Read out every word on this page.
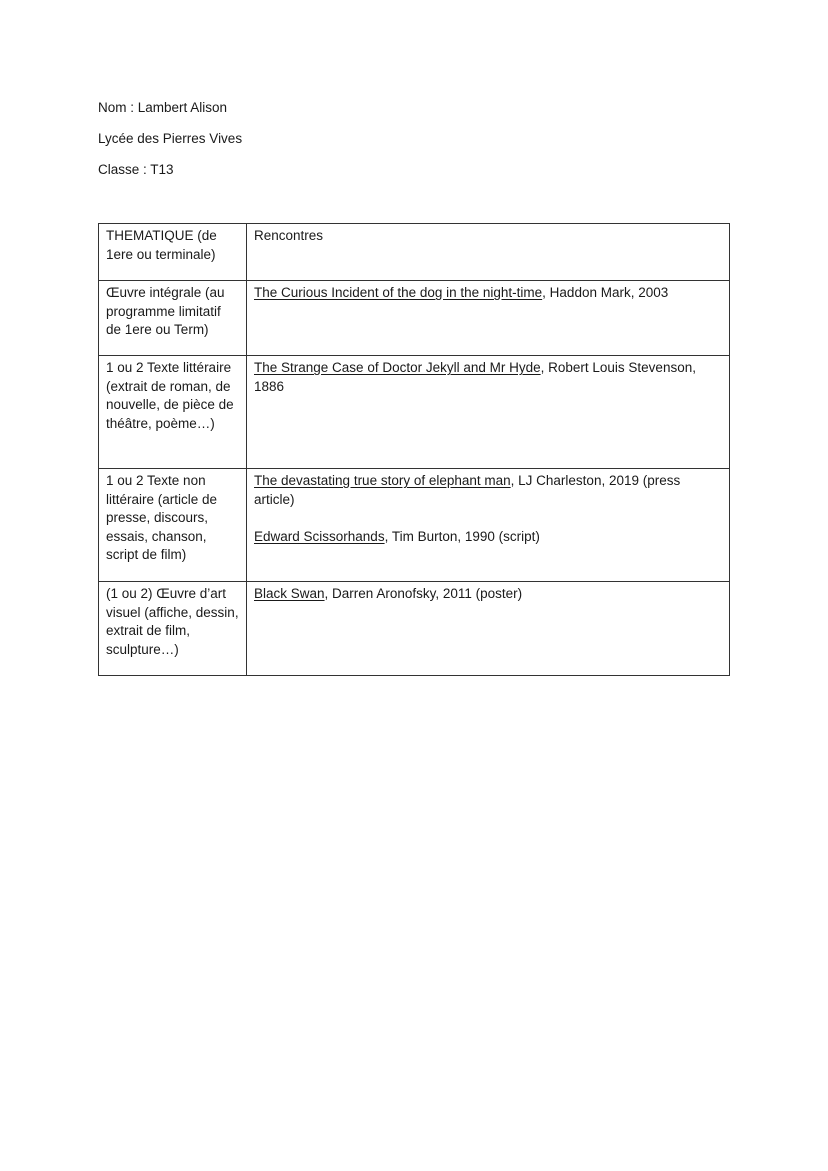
Nom : Lambert Alison
Lycée des Pierres Vives
Classe : T13
THEMATIQUE (de 1ere ou terminale)	Rencontres

Œuvre intégrale (au programme limitatif de 1ere ou Term)	The Curious Incident of the dog in the night-time, Haddon Mark, 2003

1 ou 2 Texte littéraire (extrait de roman, de nouvelle, de pièce de théâtre, poème…)	The Strange Case of Doctor Jekyll and Mr Hyde, Robert Louis Stevenson, 1886

1 ou 2 Texte non littéraire (article de presse, discours, essais, chanson, script de film)	The devastating true story of elephant man, LJ Charleston, 2019 (press article)
Edward Scissorhands, Tim Burton, 1990 (script)

(1 ou 2) Œuvre d’art visuel (affiche, dessin, extrait de film, sculpture…)	Black Swan, Darren Aronofsky, 2011 (poster)
